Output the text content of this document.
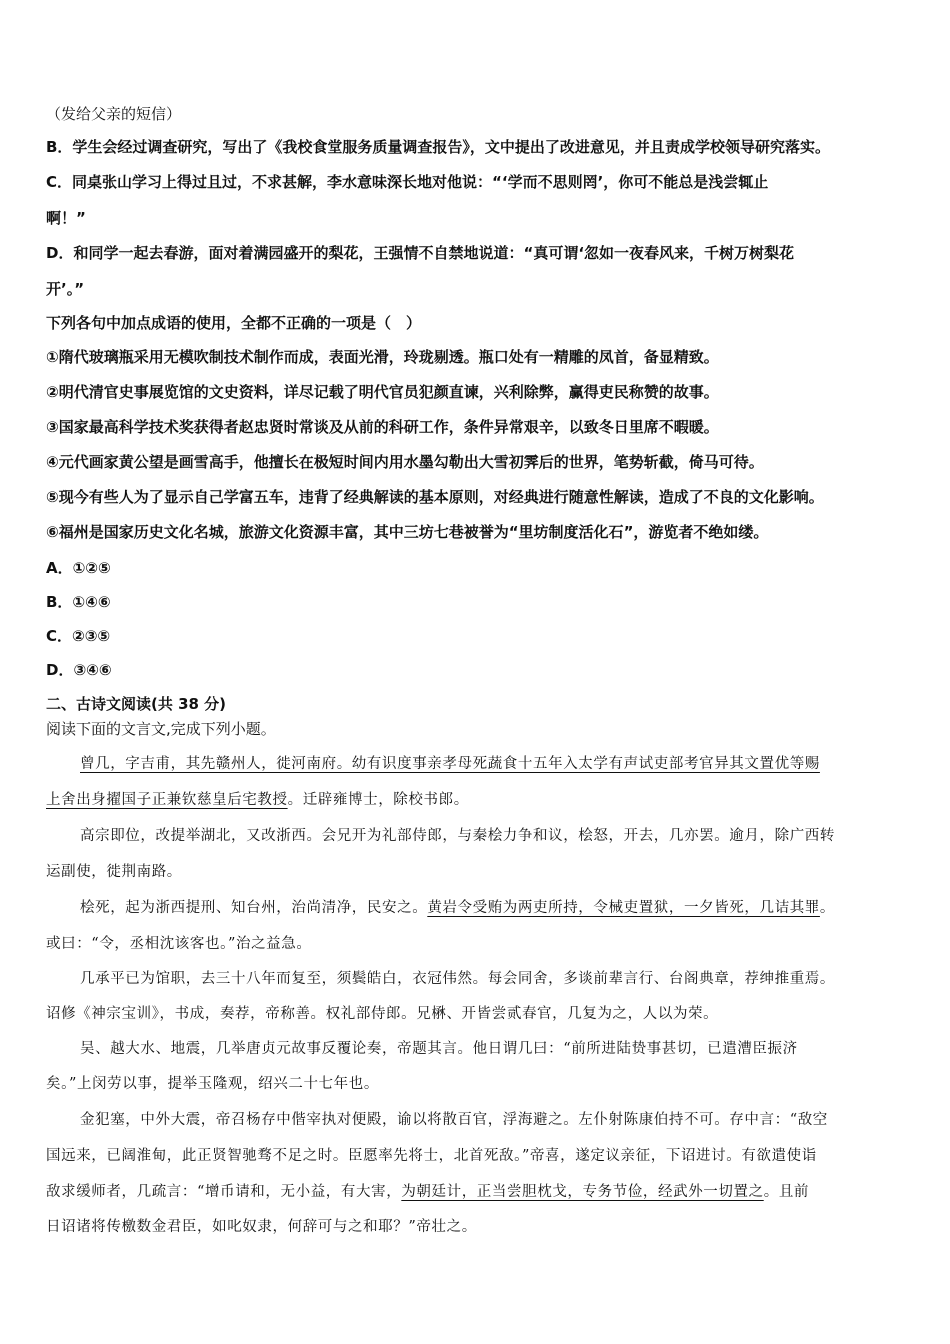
（发给父亲的短信）
B．学生会经过调查研究，写出了《我校食堂服务质量调查报告》，文中提出了改进意见，并且责成学校领导研究落实。
C．同桌张山学习上得过且过，不求甚解，李水意味深长地对他说：“‘学而不思则罔’，你可不能总是浅尝辄止
啊！”
D．和同学一起去春游，面对着满园盛开的梨花，王强情不自禁地说道：“真可谓‘忽如一夜春风来，千树万树梨花
开’。”
下列各句中加点成语的使用，全都不正确的一项是（　）
①隋代玻璃瓶采用无模吹制技术制作而成，表面光滑，玲珑剔透。瓶口处有一精雕的凤首，备显精致。
②明代清官史事展览馆的文史资料，详尽记载了明代官员犯颜直谏，兴利除弊，赢得吏民称赞的故事。
③国家最高科学技术奖获得者赵忠贤时常谈及从前的科研工作，条件异常艰辛，以致冬日里席不暇暖。
④元代画家黄公望是画雪高手，他擅长在极短时间内用水墨勾勒出大雪初霁后的世界，笔势斩截，倚马可待。
⑤现今有些人为了显示自己学富五车，违背了经典解读的基本原则，对经典进行随意性解读，造成了不良的文化影响。
⑥福州是国家历史文化名城，旅游文化资源丰富，其中三坊七巷被誉为“里坊制度活化石”，游览者不绝如缕。
A．①②⑤
B．①④⑥
C．②③⑤
D．③④⑥
二、古诗文阅读(共 38 分)
阅读下面的文言文,完成下列小题。
曾几，字吉甫，其先赣州人，徙河南府。幼有识度事亲孝母死蔬食十五年入太学有声试吏部考官异其文置优等赐
上舍出身擢国子正兼钦慈皇后宅教授。迁辟雍博士，除校书郎。
高宗即位，改提举湖北，又改浙西。会兄开为礼部侍郎，与秦桧力争和议，桧怒，开去，几亦罢。逾月，除广西转
运副使，徙荆南路。
桧死，起为浙西提刑、知台州，治尚清净，民安之。黄岩令受贿为两吏所持，令械吏置狱，一夕皆死，几诘其罪。
或曰：“令，丞相沈该客也。”治之益急。
几承平已为馆职，去三十八年而复至，须鬓皓白，衣冠伟然。每会同舍，多谈前辈言行、台阁典章，荐绅推重焉。
诏修《神宗宝训》，书成，奏荐，帝称善。权礼部侍郎。兄楙、开皆尝贰春官，几复为之，人以为荣。
吴、越大水、地震，几举唐贞元故事反覆论奏，帝题其言。他日谓几曰：“前所进陆贽事甚切，已遣漕臣振济
矣。”上闵劳以事，提举玉隆观，绍兴二十七年也。
金犯塞，中外大震，帝召杨存中偕宰执对便殿，谕以将散百官，浮海避之。左仆射陈康伯持不可。存中言：“敌空
国远来，已阔淮甸，此正贤智驰骛不足之时。臣愿率先将士，北首死敌。”帝喜，遂定议亲征，下诏进讨。有欲遣使诣
敌求缓师者，几疏言：“增币请和，无小益，有大害，为朝廷计，正当尝胆枕戈，专务节俭，经武外一切置之。且前
日诏诸将传檄数金君臣，如叱奴隶，何辞可与之和耶？”帝壮之。
